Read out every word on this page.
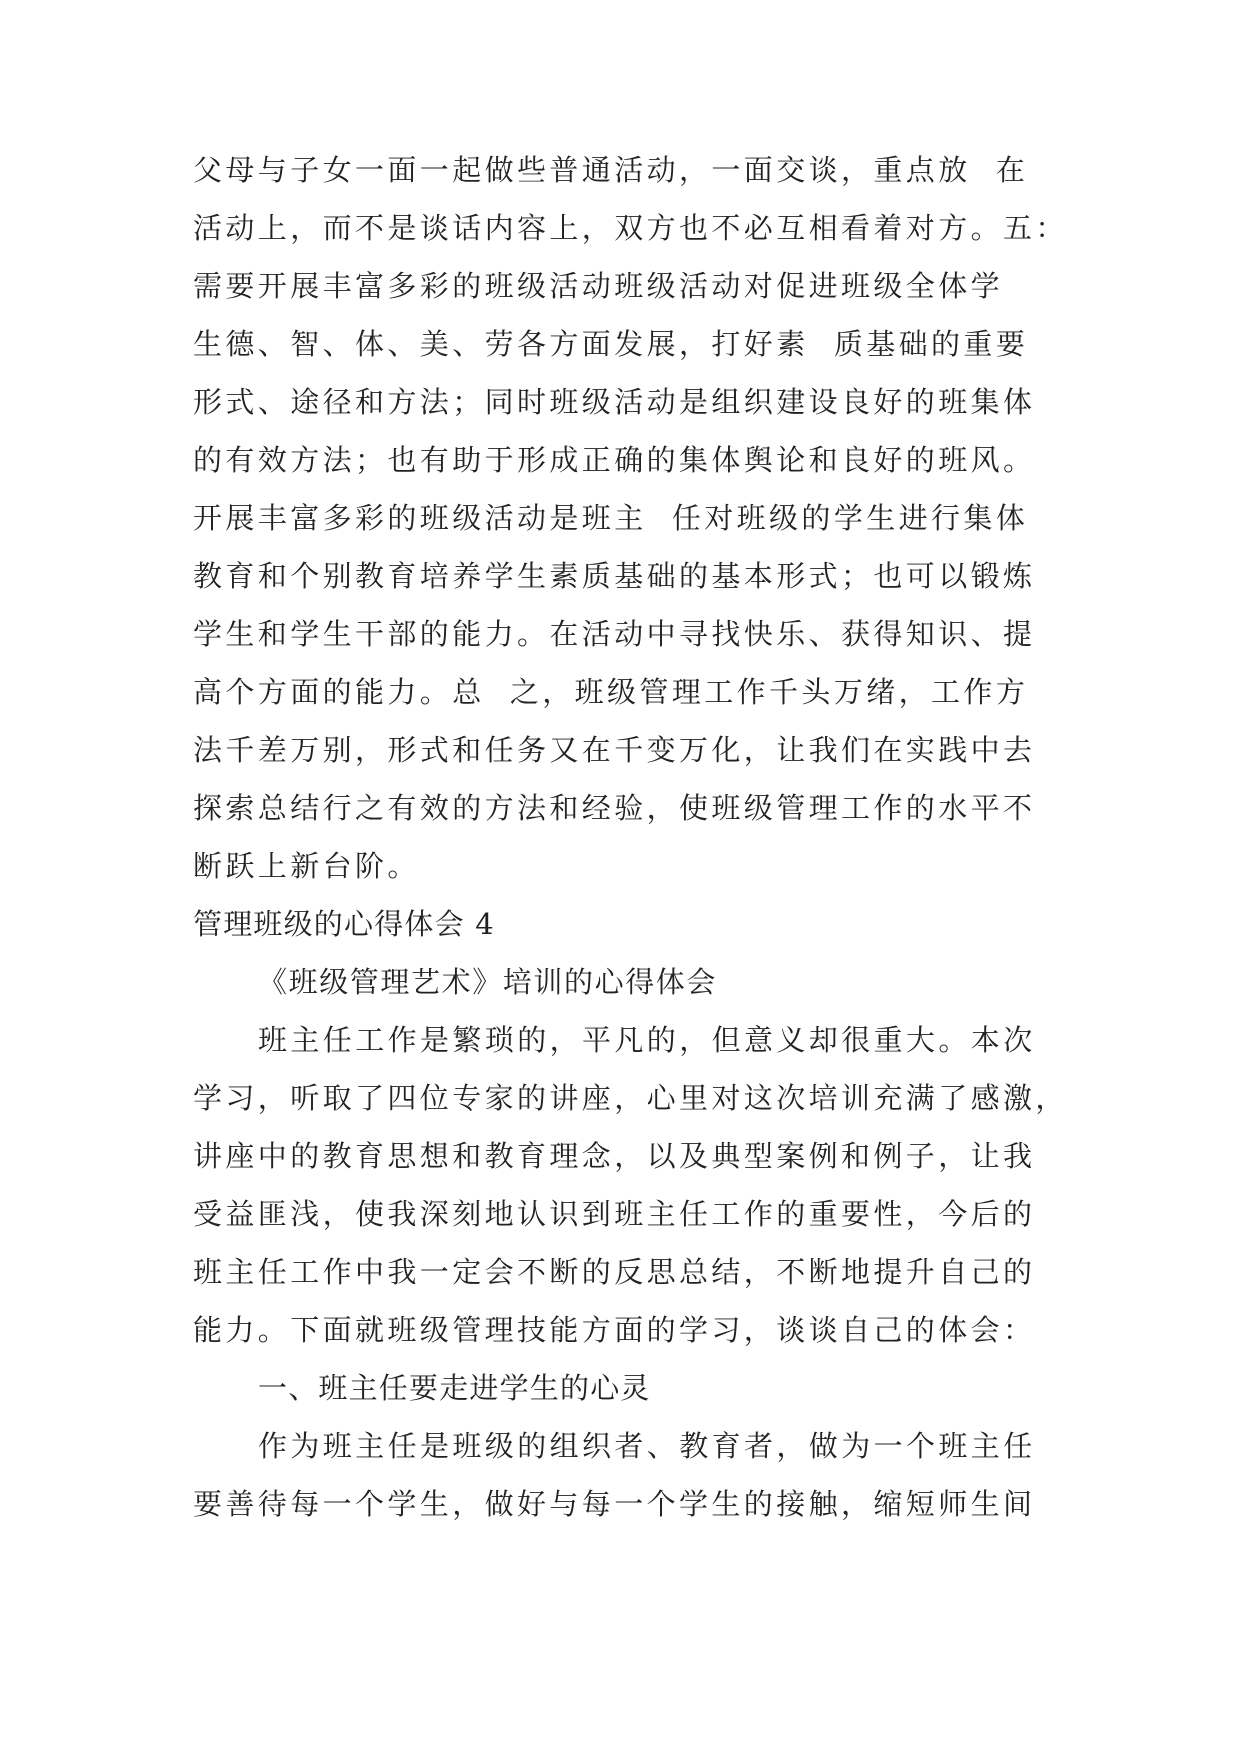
父母与子女一面一起做些普通活动，一面交谈，重点放  在
活动上，而不是谈话内容上，双方也不必互相看着对方。五：
需要开展丰富多彩的班级活动班级活动对促进班级全体学
生德、智、体、美、劳各方面发展，打好素  质基础的重要
形式、途径和方法；同时班级活动是组织建设良好的班集体
的有效方法；也有助于形成正确的集体舆论和良好的班风。
开展丰富多彩的班级活动是班主  任对班级的学生进行集体
教育和个别教育培养学生素质基础的基本形式；也可以锻炼
学生和学生干部的能力。在活动中寻找快乐、获得知识、提
高个方面的能力。总  之，班级管理工作千头万绪，工作方
法千差万别，形式和任务又在千变万化，让我们在实践中去
探索总结行之有效的方法和经验，使班级管理工作的水平不
断跃上新台阶。
管理班级的心得体会 4
《班级管理艺术》培训的心得体会
班主任工作是繁琐的，平凡的，但意义却很重大。本次
学习，听取了四位专家的讲座，心里对这次培训充满了感激，
讲座中的教育思想和教育理念，以及典型案例和例子，让我
受益匪浅，使我深刻地认识到班主任工作的重要性，今后的
班主任工作中我一定会不断的反思总结，不断地提升自己的
能力。下面就班级管理技能方面的学习，谈谈自己的体会：
一、班主任要走进学生的心灵
作为班主任是班级的组织者、教育者，做为一个班主任
要善待每一个学生，做好与每一个学生的接触，缩短师生间
